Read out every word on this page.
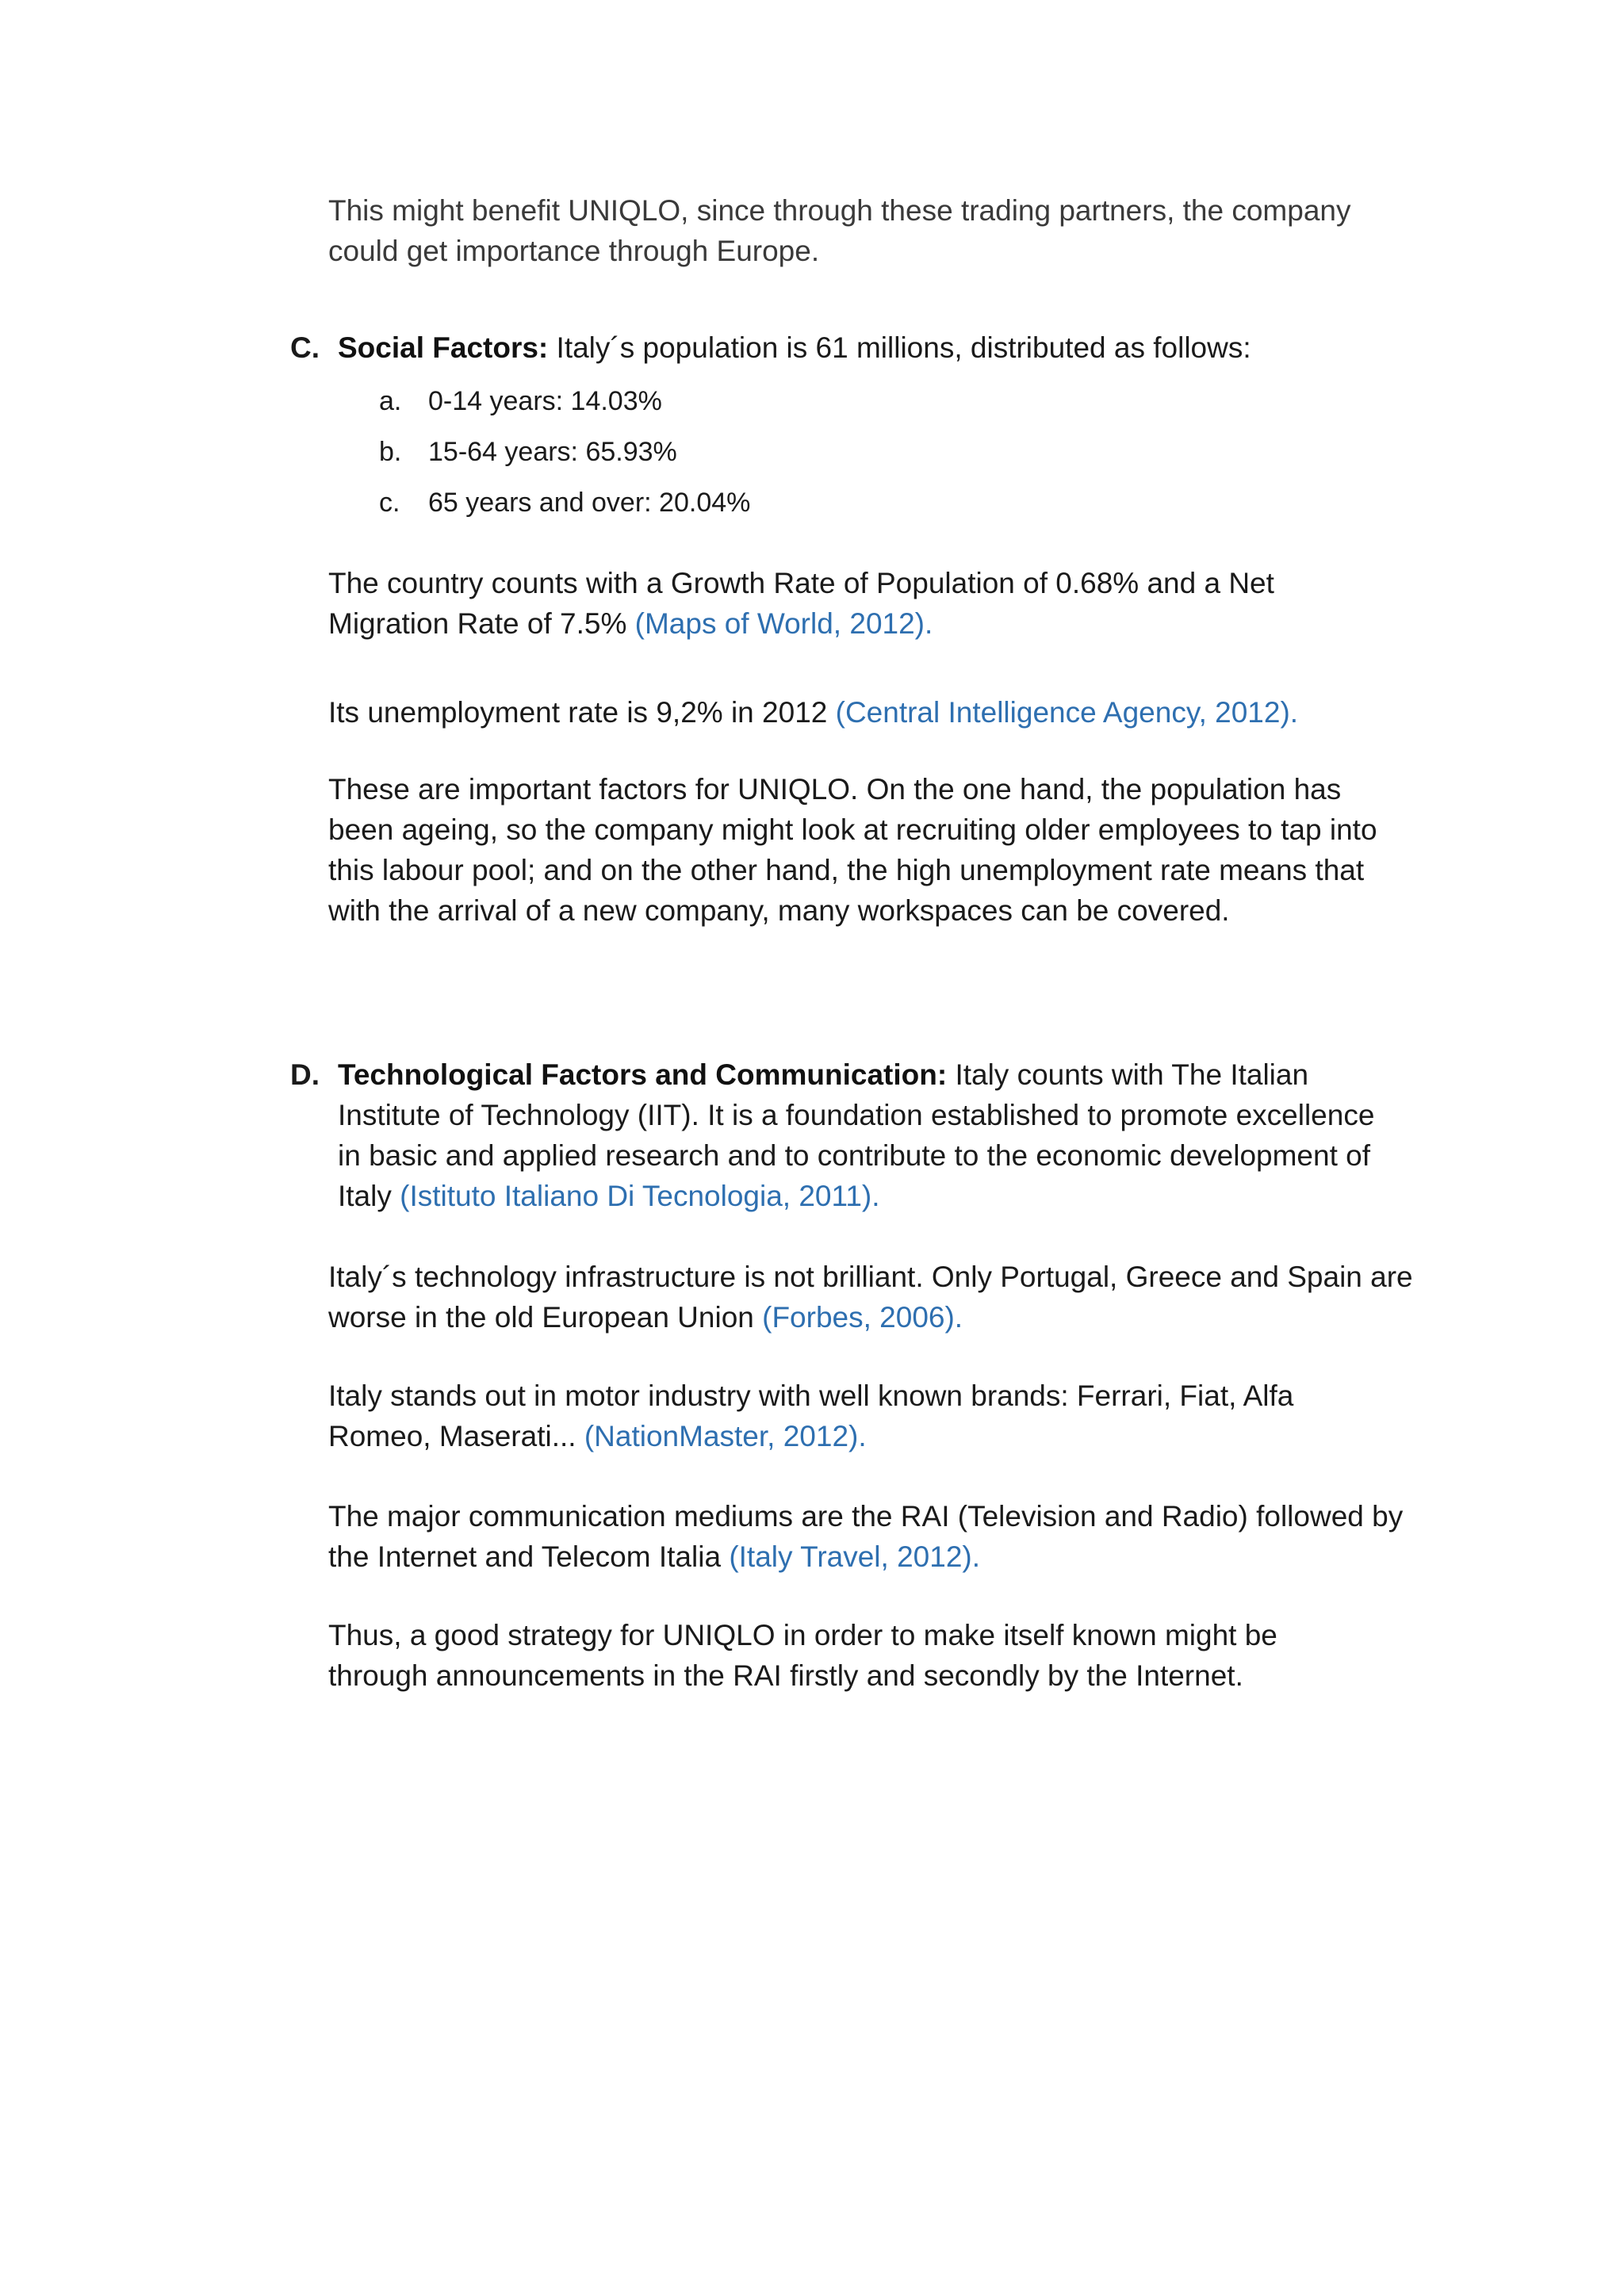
This might benefit UNIQLO, since through these trading partners, the company
could get importance through Europe.

C. Social Factors: Italy´s population is 61 millions, distributed as follows:
a. 0-14 years: 14.03%
b. 15-64 years: 65.93%
c. 65 years and over: 20.04%

The country counts with a Growth Rate of Population of 0.68% and a Net Migration Rate of 7.5% (Maps of World, 2012).

Its unemployment rate is 9,2% in 2012 (Central Intelligence Agency, 2012).

These are important factors for UNIQLO. On the one hand, the population has been ageing, so the company might look at recruiting older employees to tap into this labour pool; and on the other hand, the high unemployment rate means that with the arrival of a new company, many workspaces can be covered.

D. Technological Factors and Communication: Italy counts with The Italian Institute of Technology (IIT). It is a foundation established to promote excellence in basic and applied research and to contribute to the economic development of Italy (Istituto Italiano Di Tecnologia, 2011).

Italy´s technology infrastructure is not brilliant. Only Portugal, Greece and Spain are worse in the old European Union (Forbes, 2006).

Italy stands out in motor industry with well known brands: Ferrari, Fiat, Alfa Romeo, Maserati... (NationMaster, 2012).

The major communication mediums are the RAI (Television and Radio) followed by the Internet and Telecom Italia (Italy Travel, 2012).

Thus, a good strategy for UNIQLO in order to make itself known might be through announcements in the RAI firstly and secondly by the Internet.
